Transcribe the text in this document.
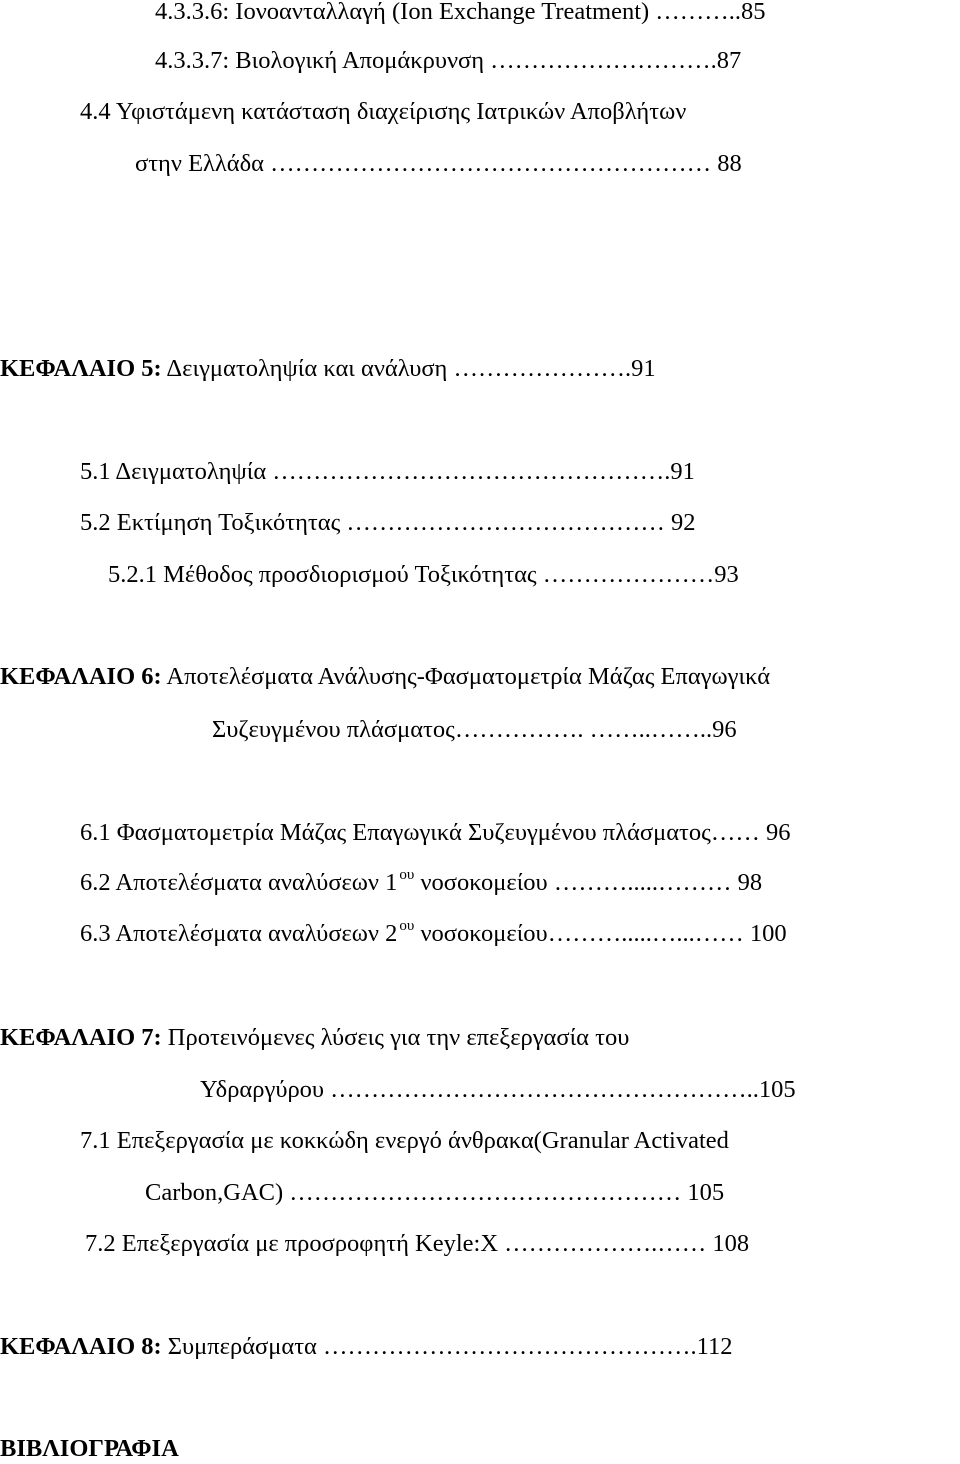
4.3.3.6: Ιονοανταλλαγή (Ion Exchange Treatment) ………..85
4.3.3.7: Βιολογική Απομάκρυνση ……………………….87
4.4 Υφιστάμενη κατάσταση διαχείρισης Ιατρικών Αποβλήτων
στην Ελλάδα ……………………………………………… 88
ΚΕΦΑΛΑΙΟ 5: Δειγματοληψία και ανάλυση ………………….91
5.1 Δειγματοληψία ………………………………………….91
5.2 Εκτίμηση Τοξικότητας ………………………………… 92
5.2.1 Μέθοδος προσδιορισμού Τοξικότητας …………………93
ΚΕΦΑΛΑΙΟ 6: Αποτελέσματα Ανάλυσης-Φασματομετρία Μάζας Επαγωγικά
Συζευγμένου πλάσματος……………. ……..……..96
6.1 Φασματομετρία Μάζας Επαγωγικά Συζευγμένου πλάσματος…… 96
6.2 Αποτελέσματα αναλύσεων 1 $^{o\upsilon}$ νοσοκομείου ……….....……… 98
6.3 Αποτελέσματα αναλύσεων 2 $^{o\upsilon}$ νοσοκομείου……….....…...…… 100
ΚΕΦΑΛΑΙΟ 7: Προτεινόμενες λύσεις για την επεξεργασία του
Υδραργύρου ……………………………………………..105
7.1 Επεξεργασία με κοκκώδη ενεργό άνθρακα(Granular Activated
Carbon,GAC) ………………………………………… 105
7.2 Επεξεργασία με προσροφητή Keyle:X ……………….…… 108
ΚΕΦΑΛΑΙΟ 8: Συμπεράσματα ……………………………………….112
ΒΙΒΛΙΟΓΡΑΦΙΑ
